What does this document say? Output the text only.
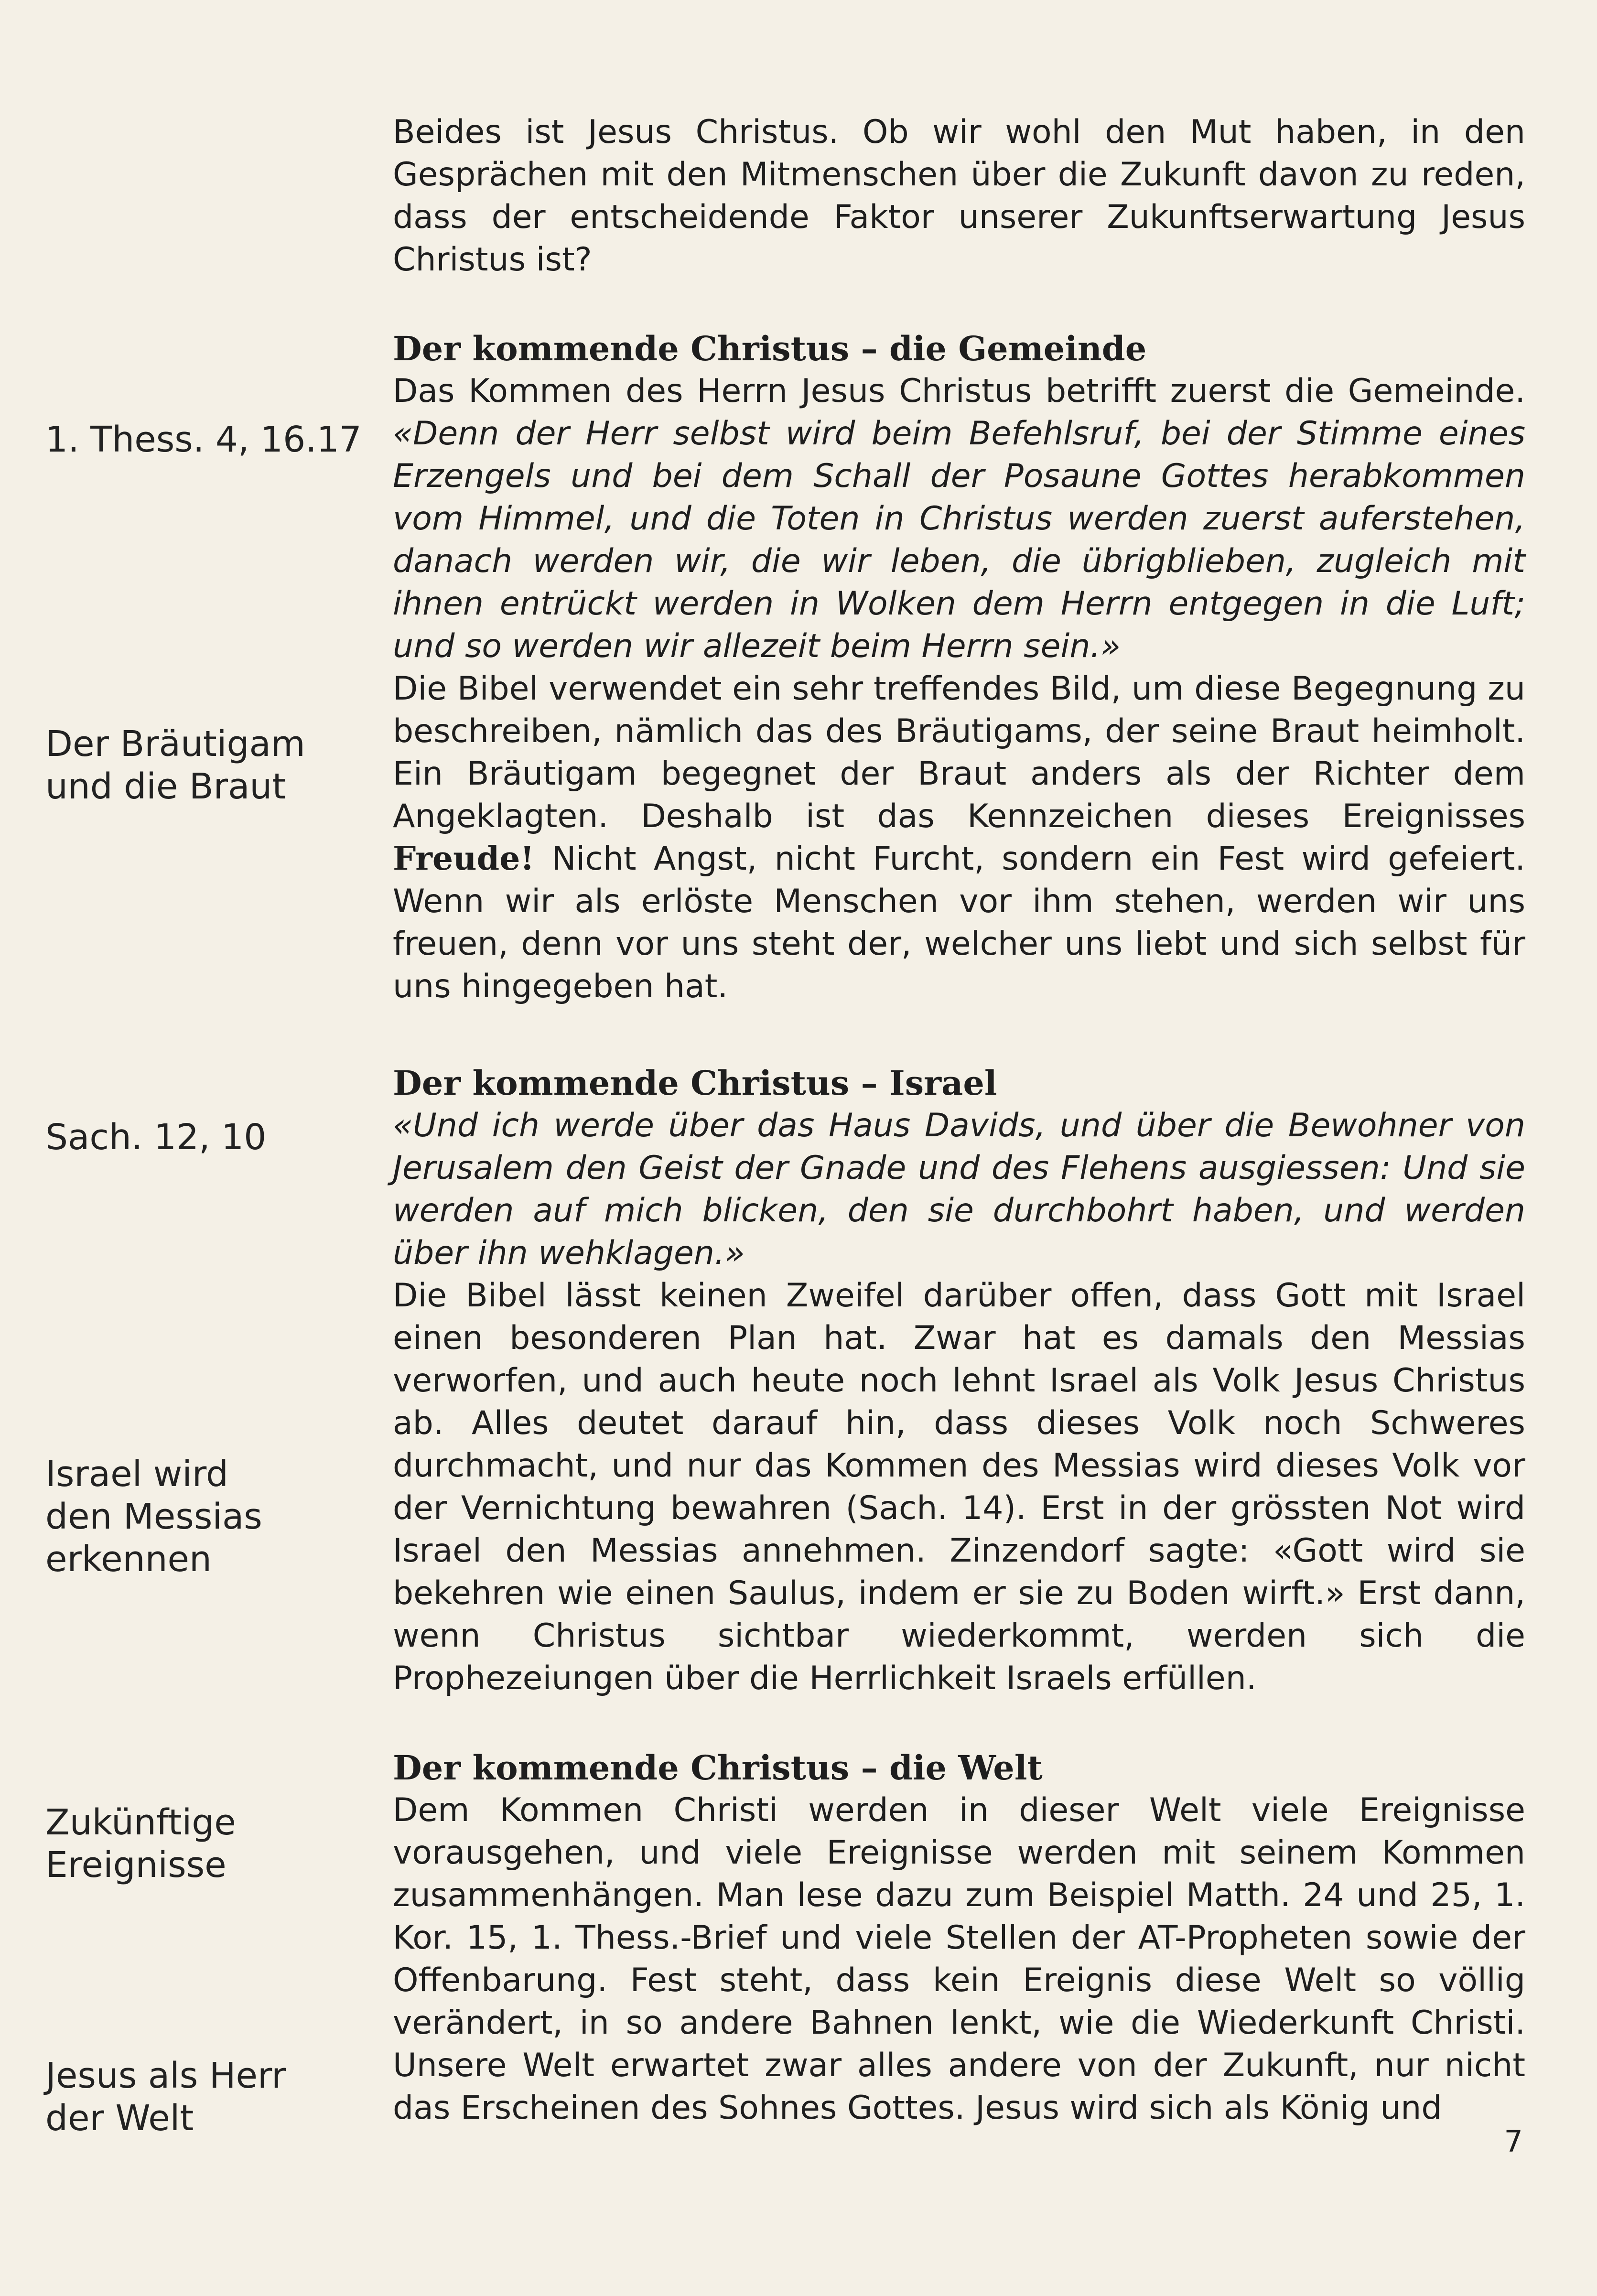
1. Thess. 4, 16.17
Der Bräutigam
und die Braut
Sach. 12, 10
Israel wird
den Messias
erkennen
Zukünftige
Ereignisse
Jesus als Herr
der Welt

Beides ist Jesus Christus. Ob wir wohl den Mut haben, in den Gesprächen mit den Mitmenschen über die Zukunft davon zu reden, dass der entscheidende Faktor unserer Zukunftserwartung Jesus Christus ist?

Der kommende Christus – die Gemeinde

Das Kommen des Herrn Jesus Christus betrifft zuerst die Gemeinde. «Denn der Herr selbst wird beim Befehlsruf, bei der Stimme eines Erzengels und bei dem Schall der Posaune Gottes herabkommen vom Himmel, und die Toten in Christus werden zuerst auferstehen, danach werden wir, die wir leben, die übrigblieben, zugleich mit ihnen entrückt werden in Wolken dem Herrn entgegen in die Luft; und so werden wir allezeit beim Herrn sein.»

Die Bibel verwendet ein sehr treffendes Bild, um diese Begegnung zu beschreiben, nämlich das des Bräutigams, der seine Braut heimholt. Ein Bräutigam begegnet der Braut anders als der Richter dem Angeklagten. Deshalb ist das Kennzeichen dieses Ereignisses Freude! Nicht Angst, nicht Furcht, sondern ein Fest wird gefeiert. Wenn wir als erlöste Menschen vor ihm stehen, werden wir uns freuen, denn vor uns steht der, welcher uns liebt und sich selbst für uns hingegeben hat.

Der kommende Christus – Israel

«Und ich werde über das Haus Davids, und über die Bewohner von Jerusalem den Geist der Gnade und des Flehens ausgiessen: Und sie werden auf mich blicken, den sie durchbohrt haben, und werden über ihn wehklagen.»

Die Bibel lässt keinen Zweifel darüber offen, dass Gott mit Israel einen besonderen Plan hat. Zwar hat es damals den Messias verworfen, und auch heute noch lehnt Israel als Volk Jesus Christus ab. Alles deutet darauf hin, dass dieses Volk noch Schweres durchmacht, und nur das Kommen des Messias wird dieses Volk vor der Vernichtung bewahren (Sach. 14). Erst in der grössten Not wird Israel den Messias annehmen. Zinzendorf sagte: «Gott wird sie bekehren wie einen Saulus, indem er sie zu Boden wirft.» Erst dann, wenn Christus sichtbar wiederkommt, werden sich die Prophezeiungen über die Herrlichkeit Israels erfüllen.

Der kommende Christus – die Welt

Dem Kommen Christi werden in dieser Welt viele Ereignisse vorausgehen, und viele Ereignisse werden mit seinem Kommen zusammenhängen. Man lese dazu zum Beispiel Matth. 24 und 25, 1. Kor. 15, 1. Thess.-Brief und viele Stellen der AT-Propheten sowie der Offenbarung. Fest steht, dass kein Ereignis diese Welt so völlig verändert, in so andere Bahnen lenkt, wie die Wiederkunft Christi. Unsere Welt erwartet zwar alles andere von der Zukunft, nur nicht das Erscheinen des Sohnes Gottes. Jesus wird sich als König und

7
